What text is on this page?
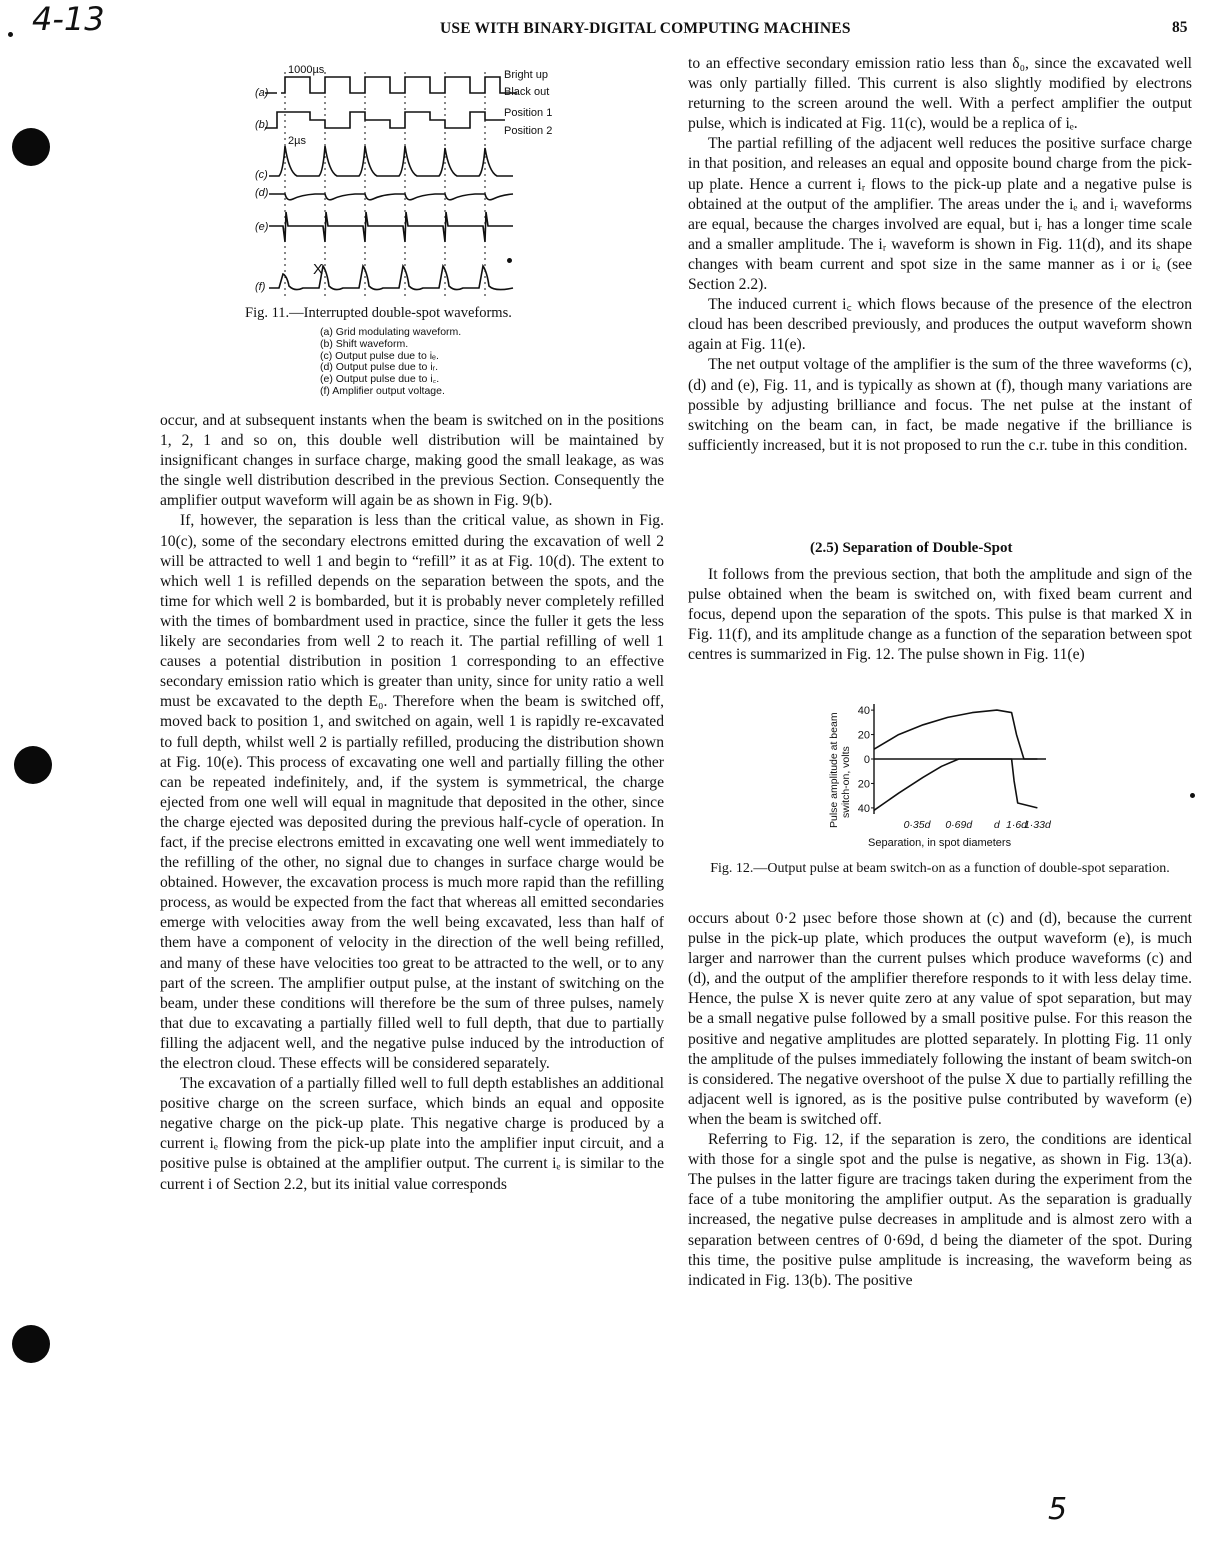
4-13
5
USE WITH BINARY-DIGITAL COMPUTING MACHINES	85
(a)
(b)
(c)
(d)
(e)
(f)
1000µs
2µs
Bright up
Black out
Position 1
Position 2
X
Fig. 11.—Interrupted double-spot waveforms.
(a) Grid modulating waveform.
(b) Shift waveform.
(c) Output pulse due to iₑ.
(d) Output pulse due to iᵣ.
(e) Output pulse due to i꜀.
(f) Amplifier output voltage.

occur, and at subsequent instants when the beam is switched on in the positions 1, 2, 1 and so on, this double well distribution will be maintained by insignificant changes in surface charge, making good the small leakage, as was the single well distribution described in the previous Section. Consequently the amplifier output waveform will again be as shown in Fig. 9(b).

If, however, the separation is less than the critical value, as shown in Fig. 10(c), some of the secondary electrons emitted during the excavation of well 2 will be attracted to well 1 and begin to “refill” it as at Fig. 10(d). The extent to which well 1 is refilled depends on the separation between the spots, and the time for which well 2 is bombarded, but it is probably never completely refilled with the times of bombardment used in practice, since the fuller it gets the less likely are secondaries from well 2 to reach it. The partial refilling of well 1 causes a potential distribution in position 1 corresponding to an effective secondary emission ratio which is greater than unity, since for unity ratio a well must be excavated to the depth E₀. Therefore when the beam is switched off, moved back to position 1, and switched on again, well 1 is rapidly re-excavated to full depth, whilst well 2 is partially refilled, producing the distribution shown at Fig. 10(e). This process of excavating one well and partially filling the other can be repeated indefinitely, and, if the system is symmetrical, the charge ejected from one well will equal in magnitude that deposited in the other, since the charge ejected was deposited during the previous half-cycle of operation. In fact, if the precise electrons emitted in excavating one well went immediately to the refilling of the other, no signal due to changes in surface charge would be obtained. However, the excavation process is much more rapid than the refilling process, as would be expected from the fact that whereas all emitted secondaries emerge with velocities away from the well being excavated, less than half of them have a component of velocity in the direction of the well being refilled, and many of these have velocities too great to be attracted to the well, or to any part of the screen. The amplifier output pulse, at the instant of switching on the beam, under these conditions will therefore be the sum of three pulses, namely that due to excavating a partially filled well to full depth, that due to partially filling the adjacent well, and the negative pulse induced by the introduction of the electron cloud. These effects will be considered separately.

The excavation of a partially filled well to full depth establishes an additional positive charge on the screen surface, which binds an equal and opposite negative charge on the pick-up plate. This negative charge is produced by a current iₑ flowing from the pick-up plate into the amplifier input circuit, and a positive pulse is obtained at the amplifier output. The current iₑ is similar to the current i of Section 2.2, but its initial value corresponds

to an effective secondary emission ratio less than δ₀, since the excavated well was only partially filled. This current is also slightly modified by electrons returning to the screen around the well. With a perfect amplifier the output pulse, which is indicated at Fig. 11(c), would be a replica of iₑ.

The partial refilling of the adjacent well reduces the positive surface charge in that position, and releases an equal and opposite bound charge from the pick-up plate. Hence a current iᵣ flows to the pick-up plate and a negative pulse is obtained at the output of the amplifier. The areas under the iₑ and iᵣ waveforms are equal, because the charges involved are equal, but iᵣ has a longer time scale and a smaller amplitude. The iᵣ waveform is shown in Fig. 11(d), and its shape changes with beam current and spot size in the same manner as i or iₑ (see Section 2.2).

The induced current i꜀ which flows because of the presence of the electron cloud has been described previously, and produces the output waveform shown again at Fig. 11(e).

The net output voltage of the amplifier is the sum of the three waveforms (c), (d) and (e), Fig. 11, and is typically as shown at (f), though many variations are possible by adjusting brilliance and focus. The net pulse at the instant of switching on the beam can, in fact, be made negative if the brilliance is sufficiently increased, but it is not proposed to run the c.r. tube in this condition.

(2.5) Separation of Double-Spot

It follows from the previous section, that both the amplitude and sign of the pulse obtained when the beam is switched on, with fixed beam current and focus, depend upon the separation of the spots. This pulse is that marked X in Fig. 11(f), and its amplitude change as a function of the separation between spot centres is summarized in Fig. 12. The pulse shown in Fig. 11(e)

Pulse amplitude at beam switch-on, volts
Separation, in spot diameters
40
20
0
20
40
0·35d 0·69d d 1·6d
1·33d
Fig. 12.—Output pulse at beam switch-on as a function of double-spot separation.

occurs about 0·2 µsec before those shown at (c) and (d), because the current pulse in the pick-up plate, which produces the output waveform (e), is much larger and narrower than the current pulses which produce waveforms (c) and (d), and the output of the amplifier therefore responds to it with less delay time. Hence, the pulse X is never quite zero at any value of spot separation, but may be a small negative pulse followed by a small positive pulse. For this reason the positive and negative amplitudes are plotted separately. In plotting Fig. 11 only the amplitude of the pulses immediately following the instant of beam switch-on is considered. The negative overshoot of the pulse X due to partially refilling the adjacent well is ignored, as is the positive pulse contributed by waveform (e) when the beam is switched off.

Referring to Fig. 12, if the separation is zero, the conditions are identical with those for a single spot and the pulse is negative, as shown in Fig. 13(a). The pulses in the latter figure are tracings taken during the experiment from the face of a tube monitoring the amplifier output. As the separation is gradually increased, the negative pulse decreases in amplitude and is almost zero with a separation between centres of 0·69d, d being the diameter of the spot. During this time, the positive pulse amplitude is increasing, the waveform being as indicated in Fig. 13(b). The positive
